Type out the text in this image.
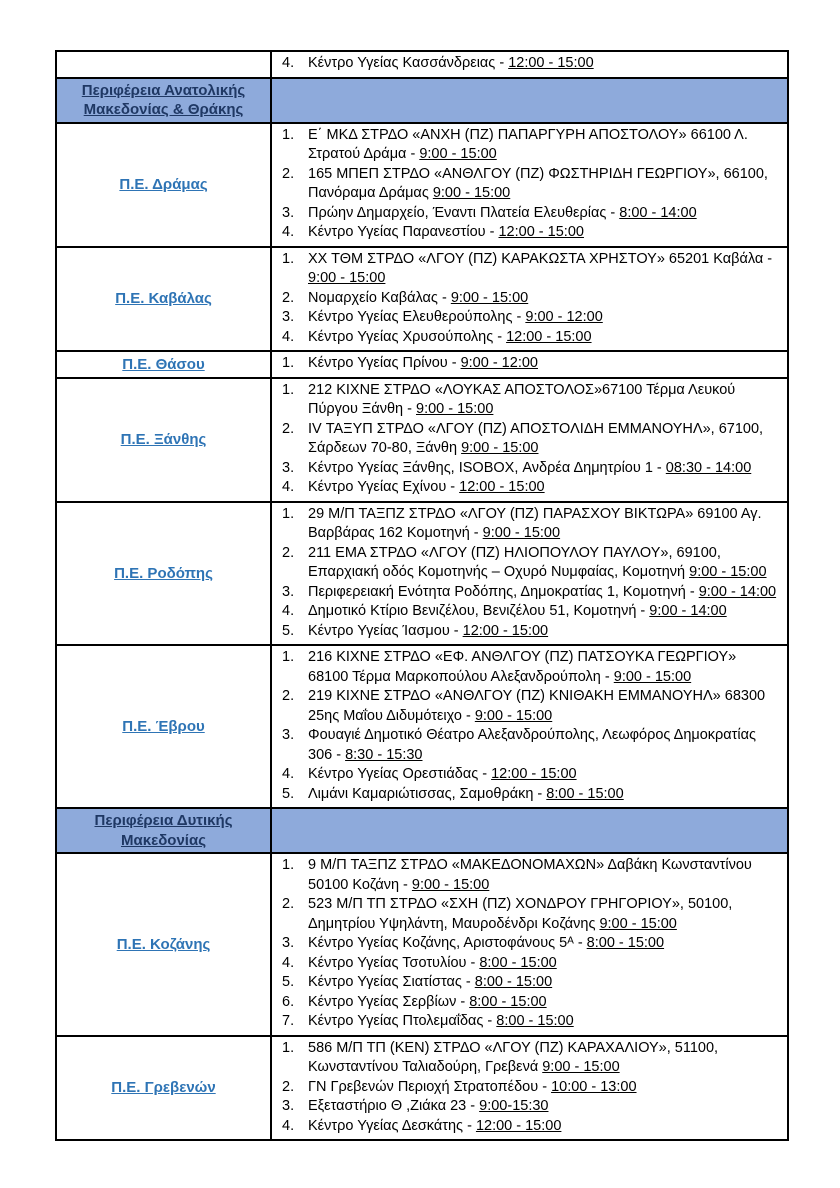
4. Κέντρο Υγείας Κασσάνδρειας - 12:00 - 15:00
Περιφέρεια Ανατολικής Μακεδονίας & Θράκης
Π.Ε. Δράμας
1. Ε΄ ΜΚΔ ΣΤΡΔΟ «ΑΝΧΗ (ΠΖ) ΠΑΠΑΡΓΥΡΗ ΑΠΟΣΤΟΛΟΥ» 66100 Λ. Στρατού Δράμα - 9:00 - 15:00
2. 165 ΜΠΕΠ ΣΤΡΔΟ «ΑΝΘΛΓΟΥ (ΠΖ) ΦΩΣΤΗΡΙΔΗ ΓΕΩΡΓΙΟΥ», 66100, Πανόραμα Δράμας 9:00 - 15:00
3. Πρώην Δημαρχείο, Έναντι Πλατεία Ελευθερίας - 8:00 - 14:00
4. Κέντρο Υγείας Παρανεστίου - 12:00 - 15:00
Π.Ε. Καβάλας
1. ΧΧ ΤΘΜ ΣΤΡΔΟ «ΛΓΟΥ (ΠΖ) ΚΑΡΑΚΩΣΤΑ ΧΡΗΣΤΟΥ» 65201 Καβάλα - 9:00 - 15:00
2. Νομαρχείο Καβάλας - 9:00 - 15:00
3. Κέντρο Υγείας Ελευθερούπολης - 9:00 - 12:00
4. Κέντρο Υγείας Χρυσούπολης - 12:00 - 15:00
Π.Ε. Θάσου	1. Κέντρο Υγείας Πρίνου - 9:00 - 12:00
Π.Ε. Ξάνθης
1. 212 ΚΙΧΝΕ ΣΤΡΔΟ «ΛΟΥΚΑΣ ΑΠΟΣΤΟΛΟΣ»67100 Τέρμα Λευκού Πύργου Ξάνθη - 9:00 - 15:00
2. IV ΤΑΞΥΠ ΣΤΡΔΟ «ΛΓΟΥ (ΠΖ) ΑΠΟΣΤΟΛΙΔΗ ΕΜΜΑΝΟΥΗΛ», 67100, Σάρδεων 70-80, Ξάνθη 9:00 - 15:00
3. Κέντρο Υγείας Ξάνθης, ISOBOX, Ανδρέα Δημητρίου 1 - 08:30 - 14:00
4. Κέντρο Υγείας Εχίνου - 12:00 - 15:00
Π.Ε. Ροδόπης
1. 29 Μ/Π ΤΑΞΠΖ ΣΤΡΔΟ «ΛΓΟΥ (ΠΖ) ΠΑΡΑΣΧΟΥ ΒΙΚΤΩΡΑ» 69100 Αγ. Βαρβάρας 162 Κομοτηνή - 9:00 - 15:00
2. 211 ΕΜΑ ΣΤΡΔΟ «ΛΓΟΥ (ΠΖ) ΗΛΙΟΠΟΥΛΟΥ ΠΑΥΛΟΥ», 69100, Επαρχιακή οδός Κομοτηνής – Οχυρό Νυμφαίας, Κομοτηνή 9:00 - 15:00
3. Περιφερειακή Ενότητα Ροδόπης, Δημοκρατίας 1, Κομοτηνή - 9:00 - 14:00
4. Δημοτικό Κτίριο Βενιζέλου, Βενιζέλου 51, Κομοτηνή - 9:00 - 14:00
5. Κέντρο Υγείας Ίασμου - 12:00 - 15:00
Π.Ε. Έβρου
1. 216 ΚΙΧΝΕ ΣΤΡΔΟ «ΕΦ. ΑΝΘΛΓΟΥ (ΠΖ) ΠΑΤΣΟΥΚΑ ΓΕΩΡΓΙΟΥ» 68100 Τέρμα Μαρκοπούλου Αλεξανδρούπολη - 9:00 - 15:00
2. 219 ΚΙΧΝΕ ΣΤΡΔΟ «ΑΝΘΛΓΟΥ (ΠΖ) ΚΝΙΘΑΚΗ ΕΜΜΑΝΟΥΗΛ» 68300 25ης Μαΐου Διδυμότειχο - 9:00 - 15:00
3. Φουαγιέ Δημοτικό Θέατρο Αλεξανδρούπολης, Λεωφόρος Δημοκρατίας 306 - 8:30 - 15:30
4. Κέντρο Υγείας Ορεστιάδας - 12:00 - 15:00
5. Λιμάνι Καμαριώτισσας, Σαμοθράκη - 8:00 - 15:00
Περιφέρεια Δυτικής Μακεδονίας
Π.Ε. Κοζάνης
1. 9 Μ/Π ΤΑΞΠΖ ΣΤΡΔΟ «ΜΑΚΕΔΟΝΟΜΑΧΩΝ» Δαβάκη Κωνσταντίνου 50100 Κοζάνη - 9:00 - 15:00
2. 523 Μ/Π ΤΠ ΣΤΡΔΟ «ΣΧΗ (ΠΖ) ΧΟΝΔΡΟΥ ΓΡΗΓΟΡΙΟΥ», 50100, Δημητρίου Υψηλάντη, Μαυροδένδρι Κοζάνης 9:00 - 15:00
3. Κέντρο Υγείας Κοζάνης, Αριστοφάνους 5ᴬ - 8:00 - 15:00
4. Κέντρο Υγείας Τσοτυλίου - 8:00 - 15:00
5. Κέντρο Υγείας Σιατίστας - 8:00 - 15:00
6. Κέντρο Υγείας Σερβίων - 8:00 - 15:00
7. Κέντρο Υγείας Πτολεμαΐδας - 8:00 - 15:00
Π.Ε. Γρεβενών
1. 586 Μ/Π ΤΠ (ΚΕΝ) ΣΤΡΔΟ «ΛΓΟΥ (ΠΖ) ΚΑΡΑΧΑΛΙΟΥ», 51100, Κωνσταντίνου Ταλιαδούρη, Γρεβενά 9:00 - 15:00
2. ΓΝ Γρεβενών Περιοχή Στρατοπέδου - 10:00 - 13:00
3. Εξεταστήριο Θ ,Ζιάκα 23 - 9:00-15:30
4. Κέντρο Υγείας Δεσκάτης - 12:00 - 15:00
